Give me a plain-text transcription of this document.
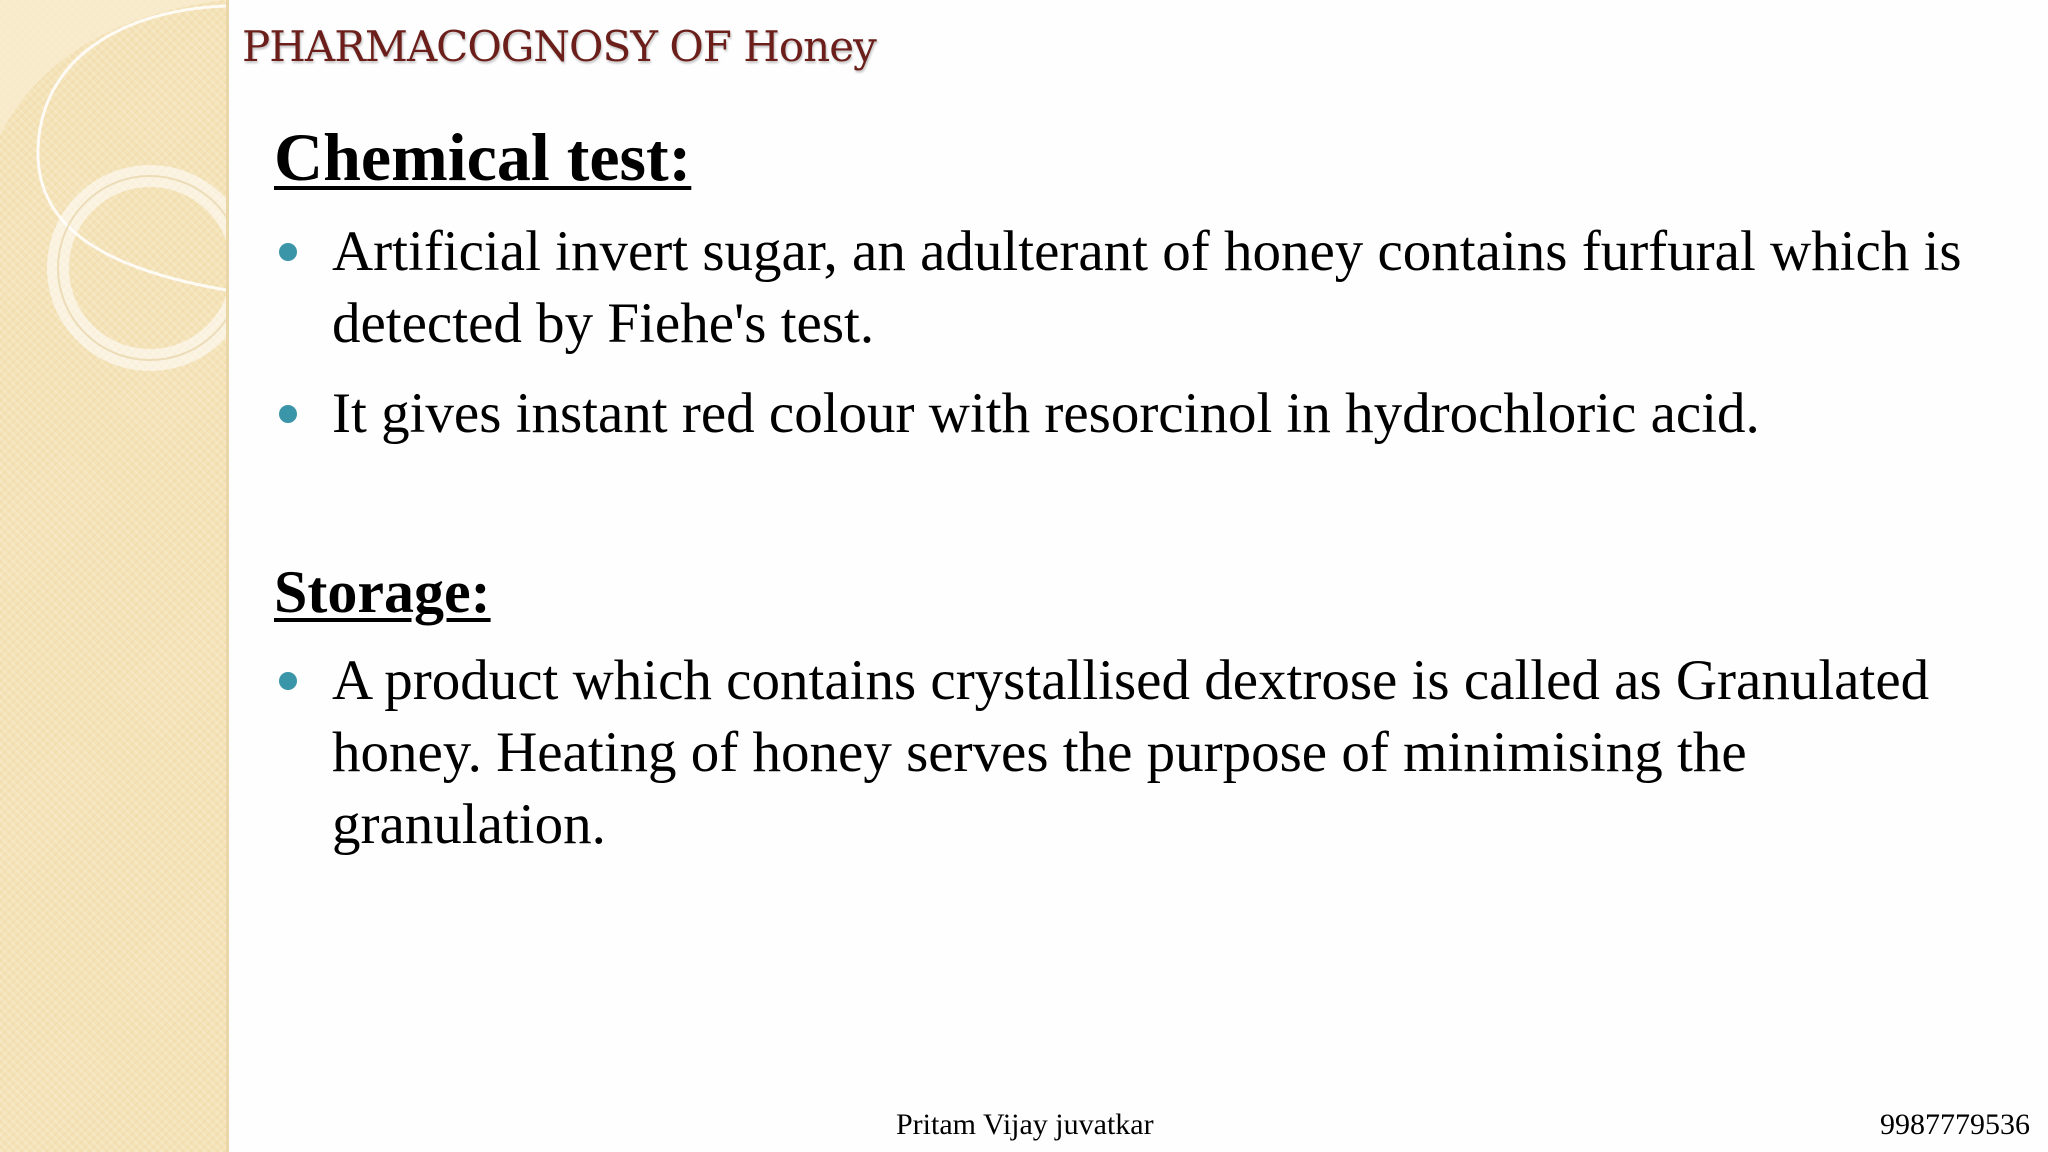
PHARMACOGNOSY OF Honey
Chemical test:
Artificial invert sugar, an adulterant of honey contains furfural which is detected by Fiehe's test.
It gives instant red colour with resorcinol in hydrochloric acid.
Storage:
A product which contains crystallised dextrose is called as Granulated honey. Heating of honey serves the purpose of minimising the granulation.
Pritam Vijay juvatkar	9987779536
